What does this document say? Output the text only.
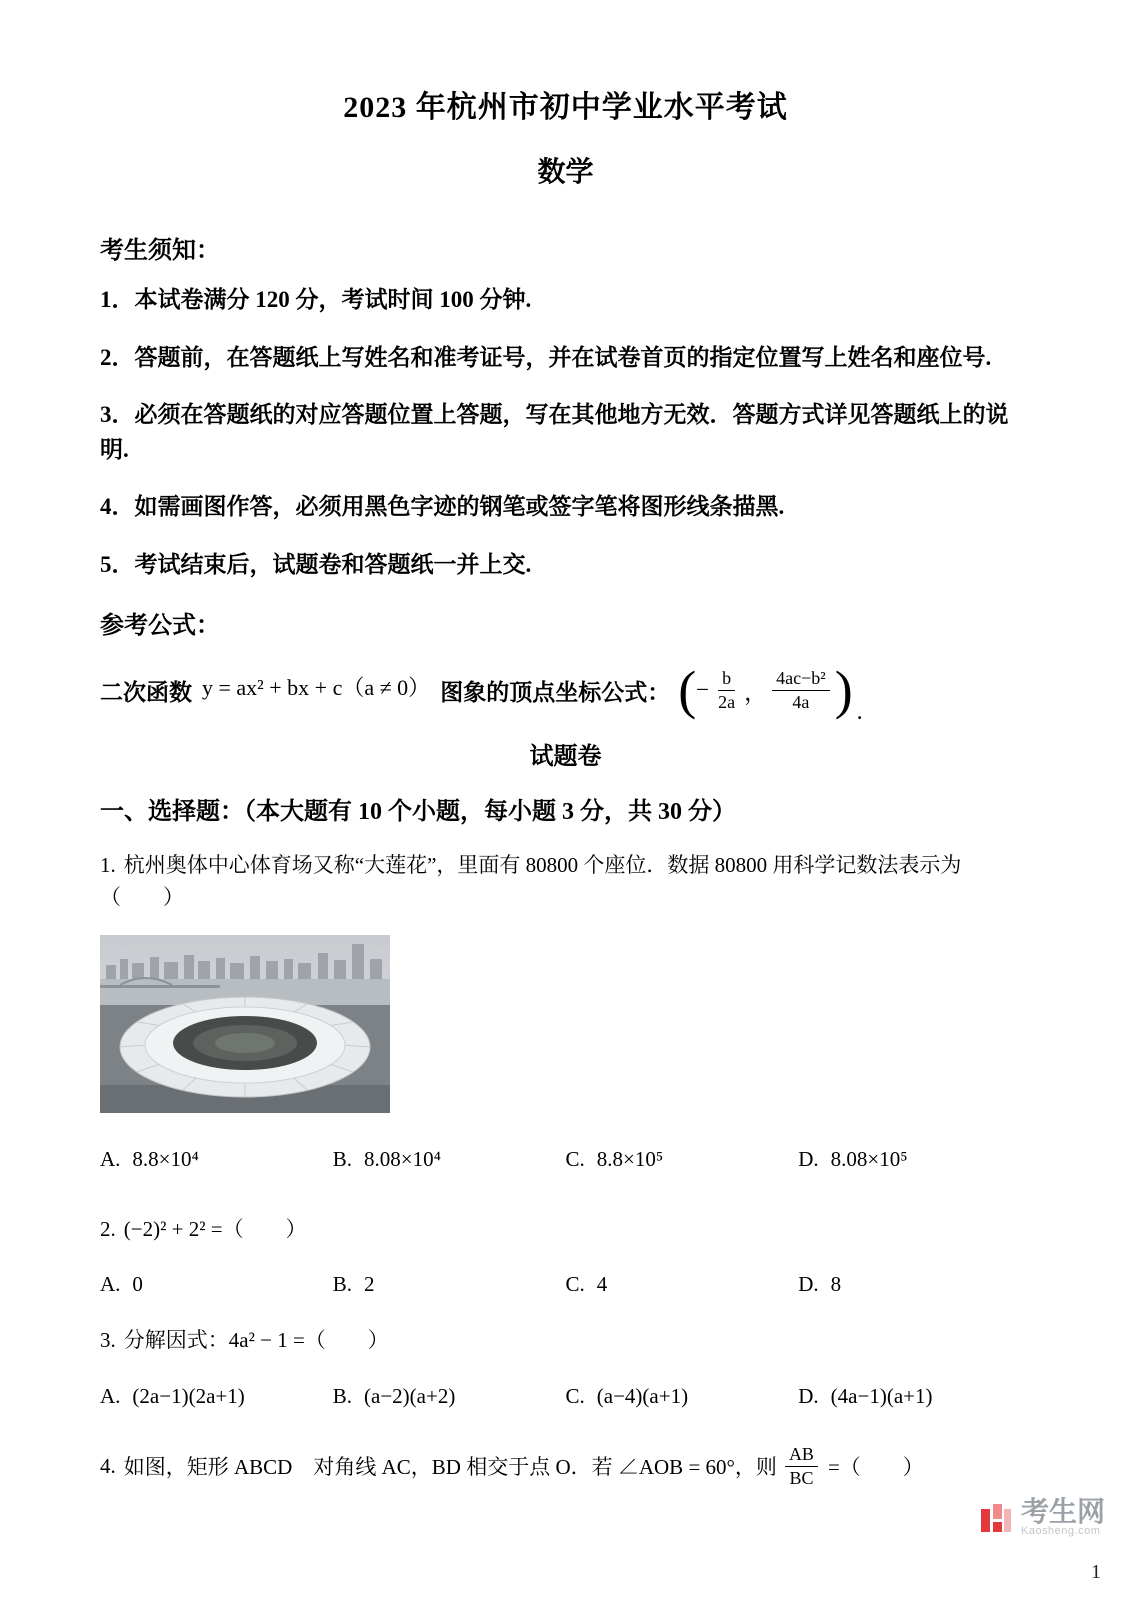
2023 年杭州市初中学业水平考试
数学
考生须知：

1．本试卷满分 120 分，考试时间 100 分钟.

2．答题前，在答题纸上写姓名和准考证号，并在试卷首页的指定位置写上姓名和座位号.

3．必须在答题纸的对应答题位置上答题，写在其他地方无效．答题方式详见答题纸上的说明.

4．如需画图作答，必须用黑色字迹的钢笔或签字笔将图形线条描黑.

5．考试结束后，试题卷和答题纸一并上交.

参考公式：
二次函数 y = ax² + bx + c（a ≠ 0） 图象的顶点坐标公式： ( − $\frac{b}{2a}$ ， $\frac{\text{4ac−b²}}{4a}$ ) .
试题卷
一、选择题：（本大题有 10 个小题，每小题 3 分，共 30 分）

1. 杭州奥体中心体育场又称“大莲花”，里面有 80800 个座位．数据 80800 用科学记数法表示为（　　）

A. 8.8×10⁴	B. 8.08×10⁴	C. 8.8×10⁵	D. 8.08×10⁵

2. (−2)² + 2² =（　　）

A. 0	B. 2	C. 4	D. 8

3. 分解因式：4a² − 1 =（　　）

A. (2a−1)(2a+1)	B. (a−2)(a+2)	C. (a−4)(a+1)	D. (4a−1)(a+1)
4. 如图，矩形 ABCD　对角线 AC，BD 相交于点 O．若 ∠AOB = 60°，则 $\frac{AB}{BC}$ =（　　）
考生网
Kaosheng.com
1
